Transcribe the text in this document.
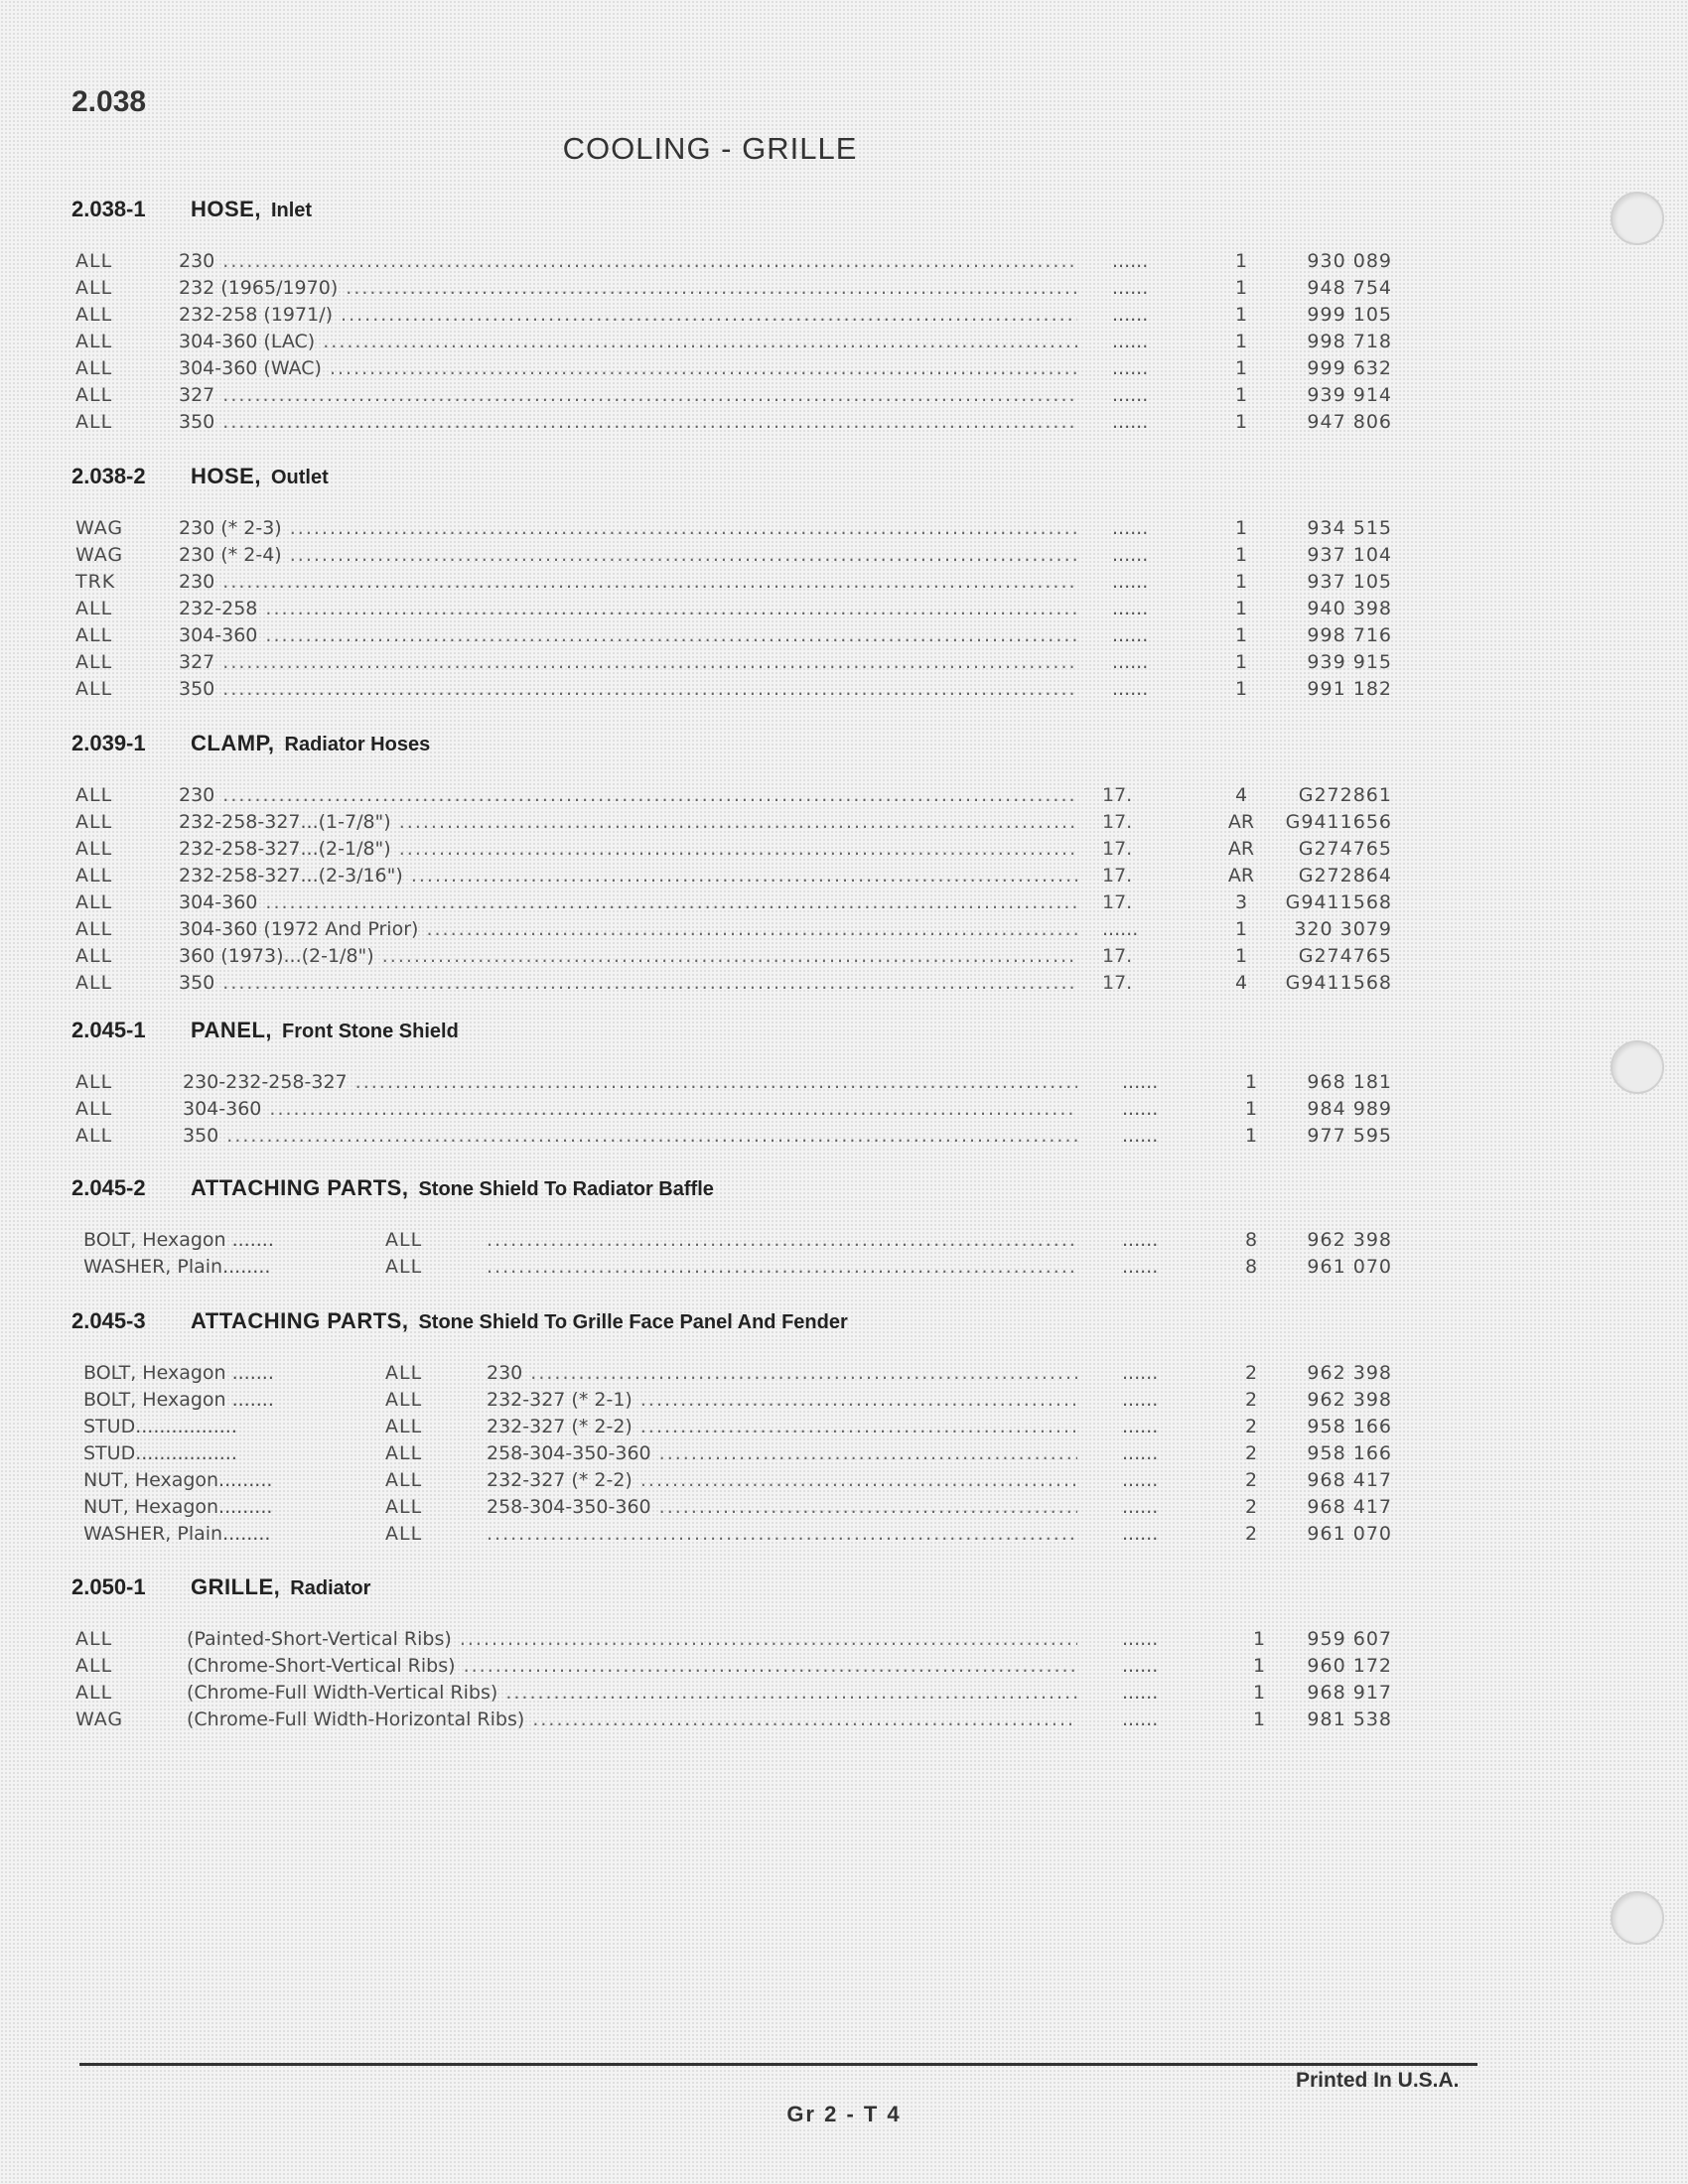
2.038
COOLING - GRILLE
2.038-1 HOSE, Inlet
ALL	230 .....	......	1	930 089
ALL	232 (1965/1970) .....	......	1	948 754
ALL	232-258 (1971/) .....	......	1	999 105
ALL	304-360 (LAC) .....	......	1	998 718
ALL	304-360 (WAC) .....	......	1	999 632
ALL	327 .....	......	1	939 914
ALL	350 .....	......	1	947 806
2.038-2 HOSE, Outlet
WAG	230 (* 2-3) .....	......	1	934 515
WAG	230 (* 2-4) .....	......	1	937 104
TRK	230 .....	......	1	937 105
ALL	232-258 .....	......	1	940 398
ALL	304-360 .....	......	1	998 716
ALL	327 .....	......	1	939 915
ALL	350 .....	......	1	991 182
2.039-1 CLAMP, Radiator Hoses
ALL	230 .....	17.	4	G272861
ALL	232-258-327...(1-7/8") .....	17.	AR	G9411656
ALL	232-258-327...(2-1/8") .....	17.	AR	G274765
ALL	232-258-327...(2-3/16") .....	17.	AR	G272864
ALL	304-360 .....	17.	3	G9411568
ALL	304-360 (1972 And Prior) .....	......	1	320 3079
ALL	360 (1973)...(2-1/8") .....	17.	1	G274765
ALL	350 .....	17.	4	G9411568
2.045-1 PANEL, Front Stone Shield
ALL	230-232-258-327 .....	......	1	968 181
ALL	304-360 .....	......	1	984 989
ALL	350 .....	......	1	977 595
2.045-2 ATTACHING PARTS, Stone Shield To Radiator Baffle
BOLT, Hexagon .......	ALL .....	......	8	962 398
WASHER, Plain........	ALL .....	......	8	961 070
2.045-3 ATTACHING PARTS, Stone Shield To Grille Face Panel And Fender
BOLT, Hexagon .......	ALL	230 .....	......	2	962 398
BOLT, Hexagon .......	ALL	232-327 (* 2-1) .....	......	2	962 398
STUD.................	ALL	232-327 (* 2-2) .....	......	2	958 166
STUD.................	ALL	258-304-350-360 .....	......	2	958 166
NUT, Hexagon.........	ALL	232-327 (* 2-2) .....	......	2	968 417
NUT, Hexagon.........	ALL	258-304-350-360 .....	......	2	968 417
WASHER, Plain........	ALL .....	......	2	961 070
2.050-1 GRILLE, Radiator
ALL	(Painted-Short-Vertical Ribs) .....	......	1	959 607
ALL	(Chrome-Short-Vertical Ribs) .....	......	1	960 172
ALL	(Chrome-Full Width-Vertical Ribs) .....	......	1	968 917
WAG	(Chrome-Full Width-Horizontal Ribs) .....	......	1	981 538
Printed In U.S.A.
Gr 2 - T 4
